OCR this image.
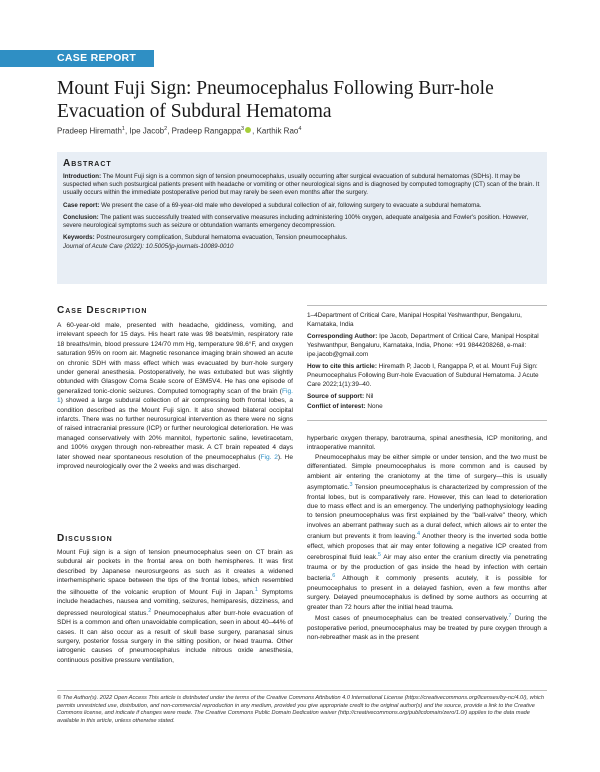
CASE REPORT
Mount Fuji Sign: Pneumocephalus Following Burr-hole Evacuation of Subdural Hematoma
Pradeep Hiremath$^1$, Ipe Jacob$^2$, Pradeep Rangappa$^3$ , Karthik Rao$^4$
Abstract

Introduction: The Mount Fuji sign is a common sign of tension pneumocephalus, usually occurring after surgical evacuation of subdural hematomas (SDHs). It may be suspected when such postsurgical patients present with headache or vomiting or other neurological signs and is diagnosed by computed tomography (CT) scan of the brain. It usually occurs within the immediate postoperative period but may rarely be seen even months after the surgery.

Case report: We present the case of a 69-year-old male who developed a subdural collection of air, following surgery to evacuate a subdural hematoma.

Conclusion: The patient was successfully treated with conservative measures including administering 100% oxygen, adequate analgesia and Fowler's position. However, severe neurological symptoms such as seizure or obtundation warrants emergency decompression.

Keywords: Postneurosurgery complication, Subdural hematoma evacuation, Tension pneumocephalus.

Journal of Acute Care (2022): 10.5005/jp-journals-10089-0010

Case Description

A 60-year-old male, presented with headache, giddiness, vomiting, and irrelevant speech for 15 days. His heart rate was 98 beats/min, respiratory rate 18 breaths/min, blood pressure 124/70 mm Hg, temperature 98.6°F, and oxygen saturation 95% on room air. Magnetic resonance imaging brain showed an acute on chronic SDH with mass effect which was evacuated by burr-hole surgery under general anesthesia. Postoperatively, he was extubated but was slightly obtunded with Glasgow Coma Scale score of E3M5V4. He has one episode of generalized tonic-clonic seizures. Computed tomography scan of the brain (Fig. 1) showed a large subdural collection of air compressing both frontal lobes, a condition described as the Mount Fuji sign. It also showed bilateral occipital infarcts. There was no further neurosurgical intervention as there were no signs of raised intracranial pressure (ICP) or further neurological deterioration. He was managed conservatively with 20% mannitol, hypertonic saline, levetiracetam, and 100% oxygen through non-rebreather mask. A CT brain repeated 4 days later showed near spontaneous resolution of the pneumocephalus (Fig. 2). He improved neurologically over the 2 weeks and was discharged.

Discussion

Mount Fuji sign is a sign of tension pneumocephalus seen on CT brain as subdural air pockets in the frontal area on both hemispheres. It was first described by Japanese neurosurgeons as such as it creates a widened interhemispheric space between the tips of the frontal lobes, which resembled the silhouette of the volcanic eruption of Mount Fuji in Japan.$^1$ Symptoms include headaches, nausea and vomiting, seizures, hemiparesis, dizziness, and depressed neurological status.$^2$ Pneumocephalus after burr-hole evacuation of SDH is a common and often unavoidable complication, seen in about 40–44% of cases. It can also occur as a result of skull base surgery, paranasal sinus surgery, posterior fossa surgery in the sitting position, or head trauma. Other iatrogenic causes of pneumocephalus include nitrous oxide anesthesia, continuous positive pressure ventilation,

1–4Department of Critical Care, Manipal Hospital Yeshwanthpur, Bengaluru, Karnataka, India

Corresponding Author: Ipe Jacob, Department of Critical Care, Manipal Hospital Yeshwanthpur, Bengaluru, Karnataka, India, Phone: +91 9844208268, e-mail: ipe.jacob@gmail.com

How to cite this article: Hiremath P, Jacob I, Rangappa P, et al. Mount Fuji Sign: Pneumocephalus Following Burr-hole Evacuation of Subdural Hematoma. J Acute Care 2022;1(1):39–40.

Source of support: Nil

Conflict of interest: None

hyperbaric oxygen therapy, barotrauma, spinal anesthesia, ICP monitoring, and intraoperative mannitol.

Pneumocephalus may be either simple or under tension, and the two must be differentiated. Simple pneumocephalus is more common and is caused by ambient air entering the craniotomy at the time of surgery—this is usually asymptomatic.$^3$ Tension pneumocephalus is characterized by compression of the frontal lobes, but is comparatively rare. However, this can lead to deterioration due to mass effect and is an emergency. The underlying pathophysiology leading to tension pneumocephalus was first explained by the "ball-valve" theory, which involves an aberrant pathway such as a dural defect, which allows air to enter the cranium but prevents it from leaving.$^4$ Another theory is the inverted soda bottle effect, which proposes that air may enter following a negative ICP created from cerebrospinal fluid leak.$^5$ Air may also enter the cranium directly via penetrating trauma or by the production of gas inside the head by infection with certain bacteria.$^6$ Although it commonly presents acutely, it is possible for pneumocephalus to present in a delayed fashion, even a few months after surgery. Delayed pneumocephalus is defined by some authors as occurring at greater than 72 hours after the initial head trauma.

Most cases of pneumocephalus can be treated conservatively.$^7$ During the postoperative period, pneumocephalus may be treated by pure oxygen through a non-rebreather mask as in the present

© The Author(s). 2022 Open Access This article is distributed under the terms of the Creative Commons Attribution 4.0 International License (https://creativecommons.org/licenses/by-nc/4.0/), which permits unrestricted use, distribution, and non-commercial reproduction in any medium, provided you give appropriate credit to the original author(s) and the source, provide a link to the Creative Commons license, and indicate if changes were made. The Creative Commons Public Domain Dedication waiver (http://creativecommons.org/publicdomain/zero/1.0/) applies to the data made available in this article, unless otherwise stated.
